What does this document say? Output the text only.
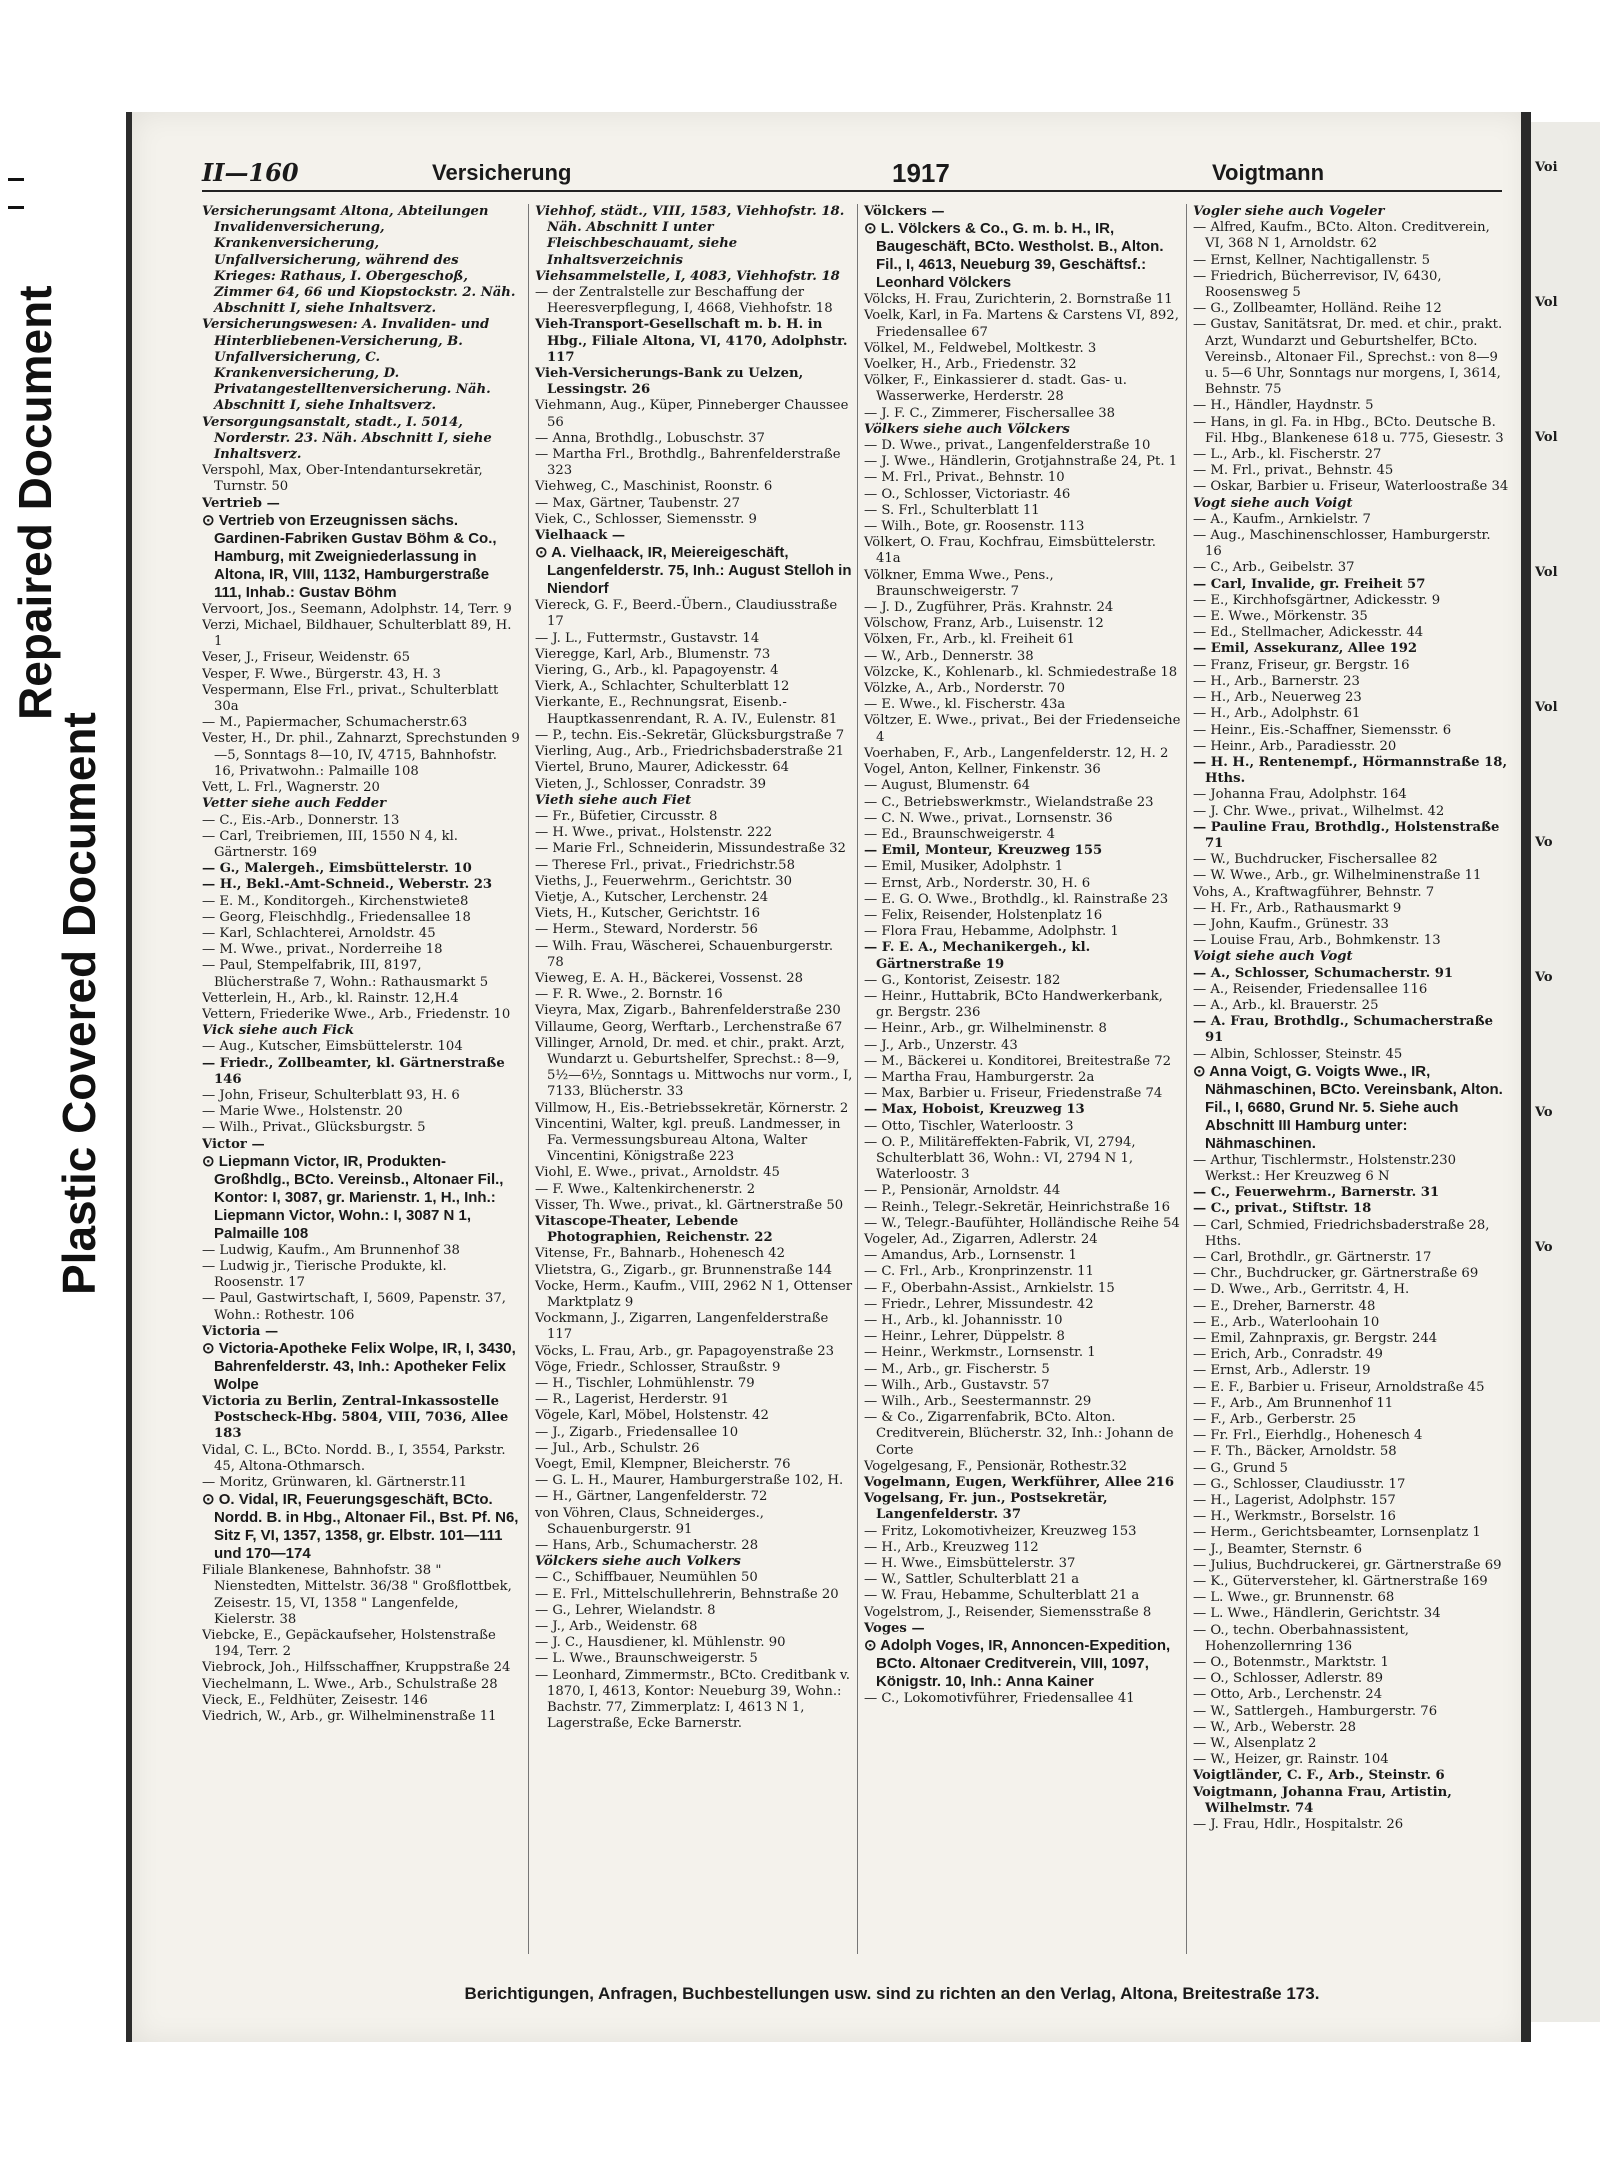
Repaired Document
Plastic Covered Document
II—160	Versicherung	1917	Voigtmann

Versicherungsamt Altona, Abteilungen Invalidenversicherung, Krankenversicherung, Unfallversicherung, während des Krieges: Rathaus, I. Obergeschoß, Zimmer 64, 66 und Kiopstockstr. 2. Näh. Abschnitt I, siehe Inhaltsverz.

Versicherungswesen: A. Invaliden- und Hinterbliebenen-Versicherung, B. Unfallversicherung, C. Krankenversicherung, D. Privatangestelltenversicherung. Näh. Abschnitt I, siehe Inhaltsverz.

Versorgungsanstalt, stadt., I. 5014, Norderstr. 23. Näh. Abschnitt I, siehe Inhaltsverz.

Verspohl, Max, Ober-Intendantursekretär, Turnstr. 50

Vertrieb —

⊙ Vertrieb von Erzeugnissen sächs. Gardinen-Fabriken Gustav Böhm & Co., Hamburg, mit Zweigniederlassung in Altona, IR, VIII, 1132, Hamburgerstraße 111, Inhab.: Gustav Böhm

Vervoort, Jos., Seemann, Adolphstr. 14, Terr. 9

Verzi, Michael, Bildhauer, Schulterblatt 89, H. 1

Veser, J., Friseur, Weidenstr. 65

Vesper, F. Wwe., Bürgerstr. 43, H. 3

Vespermann, Else Frl., privat., Schulterblatt 30a

— M., Papiermacher, Schumacherstr.63

Vester, H., Dr. phil., Zahnarzt, Sprechstunden 9—5, Sonntags 8—10, IV, 4715, Bahnhofstr. 16, Privatwohn.: Palmaille 108

Vett, L. Frl., Wagnerstr. 20

Vetter siehe auch Fedder

— C., Eis.-Arb., Donnerstr. 13

— Carl, Treibriemen, III, 1550 N 4, kl. Gärtnerstr. 169

— G., Malergeh., Eimsbüttelerstr. 10

— H., Bekl.-Amt-Schneid., Weberstr. 23

— E. M., Konditorgeh., Kirchenstwiete8

— Georg, Fleischhdlg., Friedensallee 18

— Karl, Schlachterei, Arnoldstr. 45

— M. Wwe., privat., Norderreihe 18

— Paul, Stempelfabrik, III, 8197, Blücherstraße 7, Wohn.: Rathausmarkt 5

Vetterlein, H., Arb., kl. Rainstr. 12,H.4

Vettern, Friederike Wwe., Arb., Friedenstr. 10

Vick siehe auch Fick

— Aug., Kutscher, Eimsbüttelerstr. 104

— Friedr., Zollbeamter, kl. Gärtnerstraße 146

— John, Friseur, Schulterblatt 93, H. 6

— Marie Wwe., Holstenstr. 20

— Wilh., Privat., Glücksburgstr. 5

Victor —

⊙ Liepmann Victor, IR, Produkten-Großhdlg., BCto. Vereinsb., Altonaer Fil., Kontor: I, 3087, gr. Marienstr. 1, H., Inh.: Liepmann Victor, Wohn.: I, 3087 N 1, Palmaille 108

— Ludwig, Kaufm., Am Brunnenhof 38

— Ludwig jr., Tierische Produkte, kl. Roosenstr. 17

— Paul, Gastwirtschaft, I, 5609, Papenstr. 37, Wohn.: Rothestr. 106

Victoria —

⊙ Victoria-Apotheke Felix Wolpe, IR, I, 3430, Bahrenfelderstr. 43, Inh.: Apotheker Felix Wolpe

Victoria zu Berlin, Zentral-Inkassostelle Postscheck-Hbg. 5804, VIII, 7036, Allee 183

Vidal, C. L., BCto. Nordd. B., I, 3554, Parkstr. 45, Altona-Othmarsch.

— Moritz, Grünwaren, kl. Gärtnerstr.11

⊙ O. Vidal, IR, Feuerungsgeschäft, BCto. Nordd. B. in Hbg., Altonaer Fil., Bst. Pf. N6, Sitz F, VI, 1357, 1358, gr. Elbstr. 101—111 und 170—174

Filiale Blankenese, Bahnhofstr. 38 " Nienstedten, Mittelstr. 36/38 " Großflottbek, Zeisestr. 15, VI, 1358 " Langenfelde, Kielerstr. 38

Viebcke, E., Gepäckaufseher, Holstenstraße 194, Terr. 2

Viebrock, Joh., Hilfsschaffner, Kruppstraße 24

Viechelmann, L. Wwe., Arb., Schulstraße 28

Vieck, E., Feldhüter, Zeisestr. 146

Viedrich, W., Arb., gr. Wilhelminenstraße 11

Viehhof, städt., VIII, 1583, Viehhofstr. 18. Näh. Abschnitt I unter Fleischbeschauamt, siehe Inhaltsverzeichnis

Viehsammelstelle, I, 4083, Viehhofstr. 18

— der Zentralstelle zur Beschaffung der Heeresverpflegung, I, 4668, Viehhofstr. 18

Vieh-Transport-Gesellschaft m. b. H. in Hbg., Filiale Altona, VI, 4170, Adolphstr. 117

Vieh-Versicherungs-Bank zu Uelzen, Lessingstr. 26

Viehmann, Aug., Küper, Pinneberger Chaussee 56

— Anna, Brothdlg., Lobuschstr. 37

— Martha Frl., Brothdlg., Bahrenfelderstraße 323

Viehweg, C., Maschinist, Roonstr. 6

— Max, Gärtner, Taubenstr. 27

Viek, C., Schlosser, Siemensstr. 9

Vielhaack —

⊙ A. Vielhaack, IR, Meiereigeschäft, Langenfelderstr. 75, Inh.: August Stelloh in Niendorf

Viereck, G. F., Beerd.-Übern., Claudiusstraße 17

— J. L., Futtermstr., Gustavstr. 14

Vieregge, Karl, Arb., Blumenstr. 73

Viering, G., Arb., kl. Papagoyenstr. 4

Vierk, A., Schlachter, Schulterblatt 12

Vierkante, E., Rechnungsrat, Eisenb.-Hauptkassenrendant, R. A. IV., Eulenstr. 81

— P., techn. Eis.-Sekretär, Glücksburgstraße 7

Vierling, Aug., Arb., Friedrichsbaderstraße 21

Viertel, Bruno, Maurer, Adickesstr. 64

Vieten, J., Schlosser, Conradstr. 39

Vieth siehe auch Fiet

— Fr., Büfetier, Circusstr. 8

— H. Wwe., privat., Holstenstr. 222

— Marie Frl., Schneiderin, Missundestraße 32

— Therese Frl., privat., Friedrichstr.58

Vieths, J., Feuerwehrm., Gerichtstr. 30

Vietje, A., Kutscher, Lerchenstr. 24

Viets, H., Kutscher, Gerichtstr. 16

— Herm., Steward, Norderstr. 56

— Wilh. Frau, Wäscherei, Schauenburgerstr. 78

Vieweg, E. A. H., Bäckerei, Vossenst. 28

— F. R. Wwe., 2. Bornstr. 16

Vieyra, Max, Zigarb., Bahrenfelderstraße 230

Villaume, Georg, Werftarb., Lerchenstraße 67

Villinger, Arnold, Dr. med. et chir., prakt. Arzt, Wundarzt u. Geburtshelfer, Sprechst.: 8—9, 5½—6½, Sonntags u. Mittwochs nur vorm., I, 7133, Blücherstr. 33

Villmow, H., Eis.-Betriebssekretär, Körnerstr. 2

Vincentini, Walter, kgl. preuß. Landmesser, in Fa. Vermessungsbureau Altona, Walter Vincentini, Königstraße 223

Viohl, E. Wwe., privat., Arnoldstr. 45

— F. Wwe., Kaltenkirchenerstr. 2

Visser, Th. Wwe., privat., kl. Gärtnerstraße 50

Vitascope-Theater, Lebende Photographien, Reichenstr. 22

Vitense, Fr., Bahnarb., Hohenesch 42

Vlietstra, G., Zigarb., gr. Brunnenstraße 144

Vocke, Herm., Kaufm., VIII, 2962 N 1, Ottenser Marktplatz 9

Vockmann, J., Zigarren, Langenfelderstraße 117

Vöcks, L. Frau, Arb., gr. Papagoyenstraße 23

Vöge, Friedr., Schlosser, Straußstr. 9

— H., Tischler, Lohmühlenstr. 79

— R., Lagerist, Herderstr. 91

Vögele, Karl, Möbel, Holstenstr. 42

— J., Zigarb., Friedensallee 10

— Jul., Arb., Schulstr. 26

Voegt, Emil, Klempner, Bleicherstr. 76

— G. L. H., Maurer, Hamburgerstraße 102, H.

— H., Gärtner, Langenfelderstr. 72

von Vöhren, Claus, Schneiderges., Schauenburgerstr. 91

— Hans, Arb., Schumacherstr. 28

Völckers siehe auch Volkers

— C., Schiffbauer, Neumühlen 50

— E. Frl., Mittelschullehrerin, Behnstraße 20

— G., Lehrer, Wielandstr. 8

— J., Arb., Weidenstr. 68

— J. C., Hausdiener, kl. Mühlenstr. 90

— L. Wwe., Braunschweigerstr. 5

— Leonhard, Zimmermstr., BCto. Creditbank v. 1870, I, 4613, Kontor: Neueburg 39, Wohn.: Bachstr. 77, Zimmerplatz: I, 4613 N 1, Lagerstraße, Ecke Barnerstr.

Völckers —

⊙ L. Völckers & Co., G. m. b. H., IR, Baugeschäft, BCto. Westholst. B., Alton. Fil., I, 4613, Neueburg 39, Geschäftsf.: Leonhard Völckers

Völcks, H. Frau, Zurichterin, 2. Bornstraße 11

Voelk, Karl, in Fa. Martens & Carstens VI, 892, Friedensallee 67

Völkel, M., Feldwebel, Moltkestr. 3

Voelker, H., Arb., Friedenstr. 32

Völker, F., Einkassierer d. stadt. Gas- u. Wasserwerke, Herderstr. 28

— J. F. C., Zimmerer, Fischersallee 38

Völkers siehe auch Völckers

— D. Wwe., privat., Langenfelderstraße 10

— J. Wwe., Händlerin, Grotjahnstraße 24, Pt. 1

— M. Frl., Privat., Behnstr. 10

— O., Schlosser, Victoriastr. 46

— S. Frl., Schulterblatt 11

— Wilh., Bote, gr. Roosenstr. 113

Völkert, O. Frau, Kochfrau, Eimsbüttelerstr. 41a

Völkner, Emma Wwe., Pens., Braunschweigerstr. 7

— J. D., Zugführer, Präs. Krahnstr. 24

Völschow, Franz, Arb., Luisenstr. 12

Völxen, Fr., Arb., kl. Freiheit 61

— W., Arb., Dennerstr. 38

Völzcke, K., Kohlenarb., kl. Schmiedestraße 18

Völzke, A., Arb., Norderstr. 70

— E. Wwe., kl. Fischerstr. 43a

Völtzer, E. Wwe., privat., Bei der Friedenseiche 4

Voerhaben, F., Arb., Langenfelderstr. 12, H. 2

Vogel, Anton, Kellner, Finkenstr. 36

— August, Blumenstr. 64

— C., Betriebswerkmstr., Wielandstraße 23

— C. N. Wwe., privat., Lornsenstr. 36

— Ed., Braunschweigerstr. 4

— Emil, Monteur, Kreuzweg 155

— Emil, Musiker, Adolphstr. 1

— Ernst, Arb., Norderstr. 30, H. 6

— E. G. O. Wwe., Brothdlg., kl. Rainstraße 23

— Felix, Reisender, Holstenplatz 16

— Flora Frau, Hebamme, Adolphstr. 1

— F. E. A., Mechanikergeh., kl. Gärtnerstraße 19

— G., Kontorist, Zeisestr. 182

— Heinr., Huttabrik, BCto Handwerkerbank, gr. Bergstr. 236

— Heinr., Arb., gr. Wilhelminenstr. 8

— J., Arb., Unzerstr. 43

— M., Bäckerei u. Konditorei, Breitestraße 72

— Martha Frau, Hamburgerstr. 2a

— Max, Barbier u. Friseur, Friedenstraße 74

— Max, Hoboist, Kreuzweg 13

— Otto, Tischler, Waterloostr. 3

— O. P., Militäreffekten-Fabrik, VI, 2794, Schulterblatt 36, Wohn.: VI, 2794 N 1, Waterloostr. 3

— P., Pensionär, Arnoldstr. 44

— Reinh., Telegr.-Sekretär, Heinrichstraße 16

— W., Telegr.-Baufühter, Holländische Reihe 54

Vogeler, Ad., Zigarren, Adlerstr. 24

— Amandus, Arb., Lornsenstr. 1

— C. Frl., Arb., Kronprinzenstr. 11

— F., Oberbahn-Assist., Arnkielstr. 15

— Friedr., Lehrer, Missundestr. 42

— H., Arb., kl. Johannisstr. 10

— Heinr., Lehrer, Düppelstr. 8

— Heinr., Werkmstr., Lornsenstr. 1

— M., Arb., gr. Fischerstr. 5

— Wilh., Arb., Gustavstr. 57

— Wilh., Arb., Seestermannstr. 29

— & Co., Zigarrenfabrik, BCto. Alton. Creditverein, Blücherstr. 32, Inh.: Johann de Corte

Vogelgesang, F., Pensionär, Rothestr.32

Vogelmann, Eugen, Werkführer, Allee 216

Vogelsang, Fr. jun., Postsekretär, Langenfelderstr. 37

— Fritz, Lokomotivheizer, Kreuzweg 153

— H., Arb., Kreuzweg 112

— H. Wwe., Eimsbüttelerstr. 37

— W., Sattler, Schulterblatt 21 a

— W. Frau, Hebamme, Schulterblatt 21 a

Vogelstrom, J., Reisender, Siemensstraße 8

Voges —

⊙ Adolph Voges, IR, Annoncen-Expedition, BCto. Altonaer Creditverein, VIII, 1097, Königstr. 10, Inh.: Anna Kainer

— C., Lokomotivführer, Friedensallee 41

Vogler siehe auch Vogeler

— Alfred, Kaufm., BCto. Alton. Creditverein, VI, 368 N 1, Arnoldstr. 62

— Ernst, Kellner, Nachtigallenstr. 5

— Friedrich, Bücherrevisor, IV, 6430, Roosensweg 5

— G., Zollbeamter, Holländ. Reihe 12

— Gustav, Sanitätsrat, Dr. med. et chir., prakt. Arzt, Wundarzt und Geburtshelfer, BCto. Vereinsb., Altonaer Fil., Sprechst.: von 8—9 u. 5—6 Uhr, Sonntags nur morgens, I, 3614, Behnstr. 75

— H., Händler, Haydnstr. 5

— Hans, in gl. Fa. in Hbg., BCto. Deutsche B. Fil. Hbg., Blankenese 618 u. 775, Giesestr. 3

— L., Arb., kl. Fischerstr. 27

— M. Frl., privat., Behnstr. 45

— Oskar, Barbier u. Friseur, Waterloostraße 34

Vogt siehe auch Voigt

— A., Kaufm., Arnkielstr. 7

— Aug., Maschinenschlosser, Hamburgerstr. 16

— C., Arb., Geibelstr. 37

— Carl, Invalide, gr. Freiheit 57

— E., Kirchhofsgärtner, Adickesstr. 9

— E. Wwe., Mörkenstr. 35

— Ed., Stellmacher, Adickesstr. 44

— Emil, Assekuranz, Allee 192

— Franz, Friseur, gr. Bergstr. 16

— H., Arb., Barnerstr. 23

— H., Arb., Neuerweg 23

— H., Arb., Adolphstr. 61

— Heinr., Eis.-Schaffner, Siemensstr. 6

— Heinr., Arb., Paradiesstr. 20

— H. H., Rentenempf., Hörmannstraße 18, Hths.

— Johanna Frau, Adolphstr. 164

— J. Chr. Wwe., privat., Wilhelmst. 42

— Pauline Frau, Brothdlg., Holstenstraße 71

— W., Buchdrucker, Fischersallee 82

— W. Wwe., Arb., gr. Wilhelminenstraße 11

Vohs, A., Kraftwagführer, Behnstr. 7

— H. Fr., Arb., Rathausmarkt 9

— John, Kaufm., Grünestr. 33

— Louise Frau, Arb., Bohmkenstr. 13

Voigt siehe auch Vogt

— A., Schlosser, Schumacherstr. 91

— A., Reisender, Friedensallee 116

— A., Arb., kl. Brauerstr. 25

— A. Frau, Brothdlg., Schumacherstraße 91

— Albin, Schlosser, Steinstr. 45

⊙ Anna Voigt, G. Voigts Wwe., IR, Nähmaschinen, BCto. Vereinsbank, Alton. Fil., I, 6680, Grund Nr. 5. Siehe auch Abschnitt III Hamburg unter: Nähmaschinen.

— Arthur, Tischlermstr., Holstenstr.230 Werkst.: Her Kreuzweg 6 N

— C., Feuerwehrm., Barnerstr. 31

— C., privat., Stiftstr. 18

— Carl, Schmied, Friedrichsbaderstraße 28, Hths.

— Carl, Brothdlr., gr. Gärtnerstr. 17

— Chr., Buchdrucker, gr. Gärtnerstraße 69

— D. Wwe., Arb., Gerritstr. 4, H.

— E., Dreher, Barnerstr. 48

— E., Arb., Waterloohain 10

— Emil, Zahnpraxis, gr. Bergstr. 244

— Erich, Arb., Conradstr. 49

— Ernst, Arb., Adlerstr. 19

— E. F., Barbier u. Friseur, Arnoldstraße 45

— F., Arb., Am Brunnenhof 11

— F., Arb., Gerberstr. 25

— Fr. Frl., Eierhdlg., Hohenesch 4

— F. Th., Bäcker, Arnoldstr. 58

— G., Grund 5

— G., Schlosser, Claudiusstr. 17

— H., Lagerist, Adolphstr. 157

— H., Werkmstr., Borselstr. 16

— Herm., Gerichtsbeamter, Lornsenplatz 1

— J., Beamter, Sternstr. 6

— Julius, Buchdruckerei, gr. Gärtnerstraße 69

— K., Güterversteher, kl. Gärtnerstraße 169

— L. Wwe., gr. Brunnenstr. 68

— L. Wwe., Händlerin, Gerichtstr. 34

— O., techn. Oberbahnassistent, Hohenzollernring 136

— O., Botenmstr., Marktstr. 1

— O., Schlosser, Adlerstr. 89

— Otto, Arb., Lerchenstr. 24

— W., Sattlergeh., Hamburgerstr. 76

— W., Arb., Weberstr. 28

— W., Alsenplatz 2

— W., Heizer, gr. Rainstr. 104

Voigtländer, C. F., Arb., Steinstr. 6

Voigtmann, Johanna Frau, Artistin, Wilhelmstr. 74

— J. Frau, Hdlr., Hospitalstr. 26

Berichtigungen, Anfragen, Buchbestellungen usw. sind zu richten an den Verlag, Altona, Breitestraße 173.
Voi
Vol
Vol
Vol
Vol
Vo
Vo
Vo
Vo
